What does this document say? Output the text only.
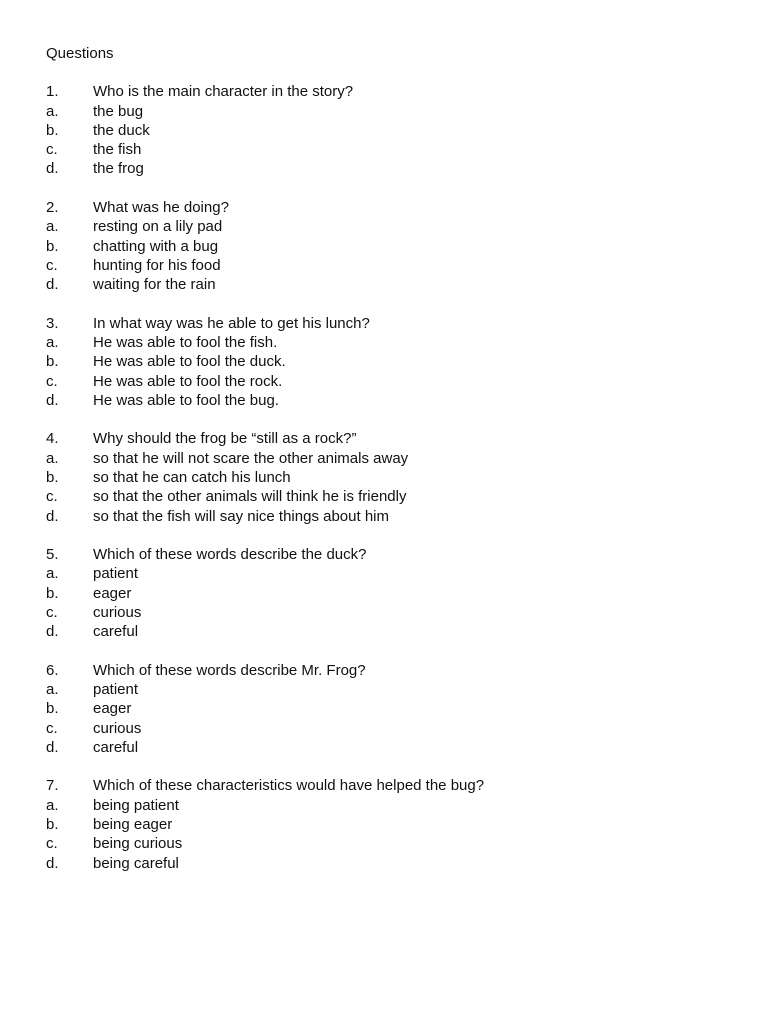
Questions
1.	Who is the main character in the story?
a.	the bug
b.	the duck
c.	the fish
d.	the frog
2.	What was he doing?
a.	resting on a lily pad
b.	chatting with a bug
c.	hunting for his food
d.	waiting for the rain
3.	In what way was he able to get his lunch?
a.	He was able to fool the fish.
b.	He was able to fool the duck.
c.	He was able to fool the rock.
d.	He was able to fool the bug.
4.	Why should the frog be “still as a rock?”
a.	so that he will not scare the other animals away
b.	so that he can catch his lunch
c.	so that the other animals will think he is friendly
d.	so that the fish will say nice things about him
5.	Which of these words describe the duck?
a.	patient
b.	eager
c.	curious
d.	careful
6.	Which of these words describe Mr. Frog?
a.	patient
b.	eager
c.	curious
d.	careful
7.	Which of these characteristics would have helped the bug?
a.	being patient
b.	being eager
c.	being curious
d.	being careful
